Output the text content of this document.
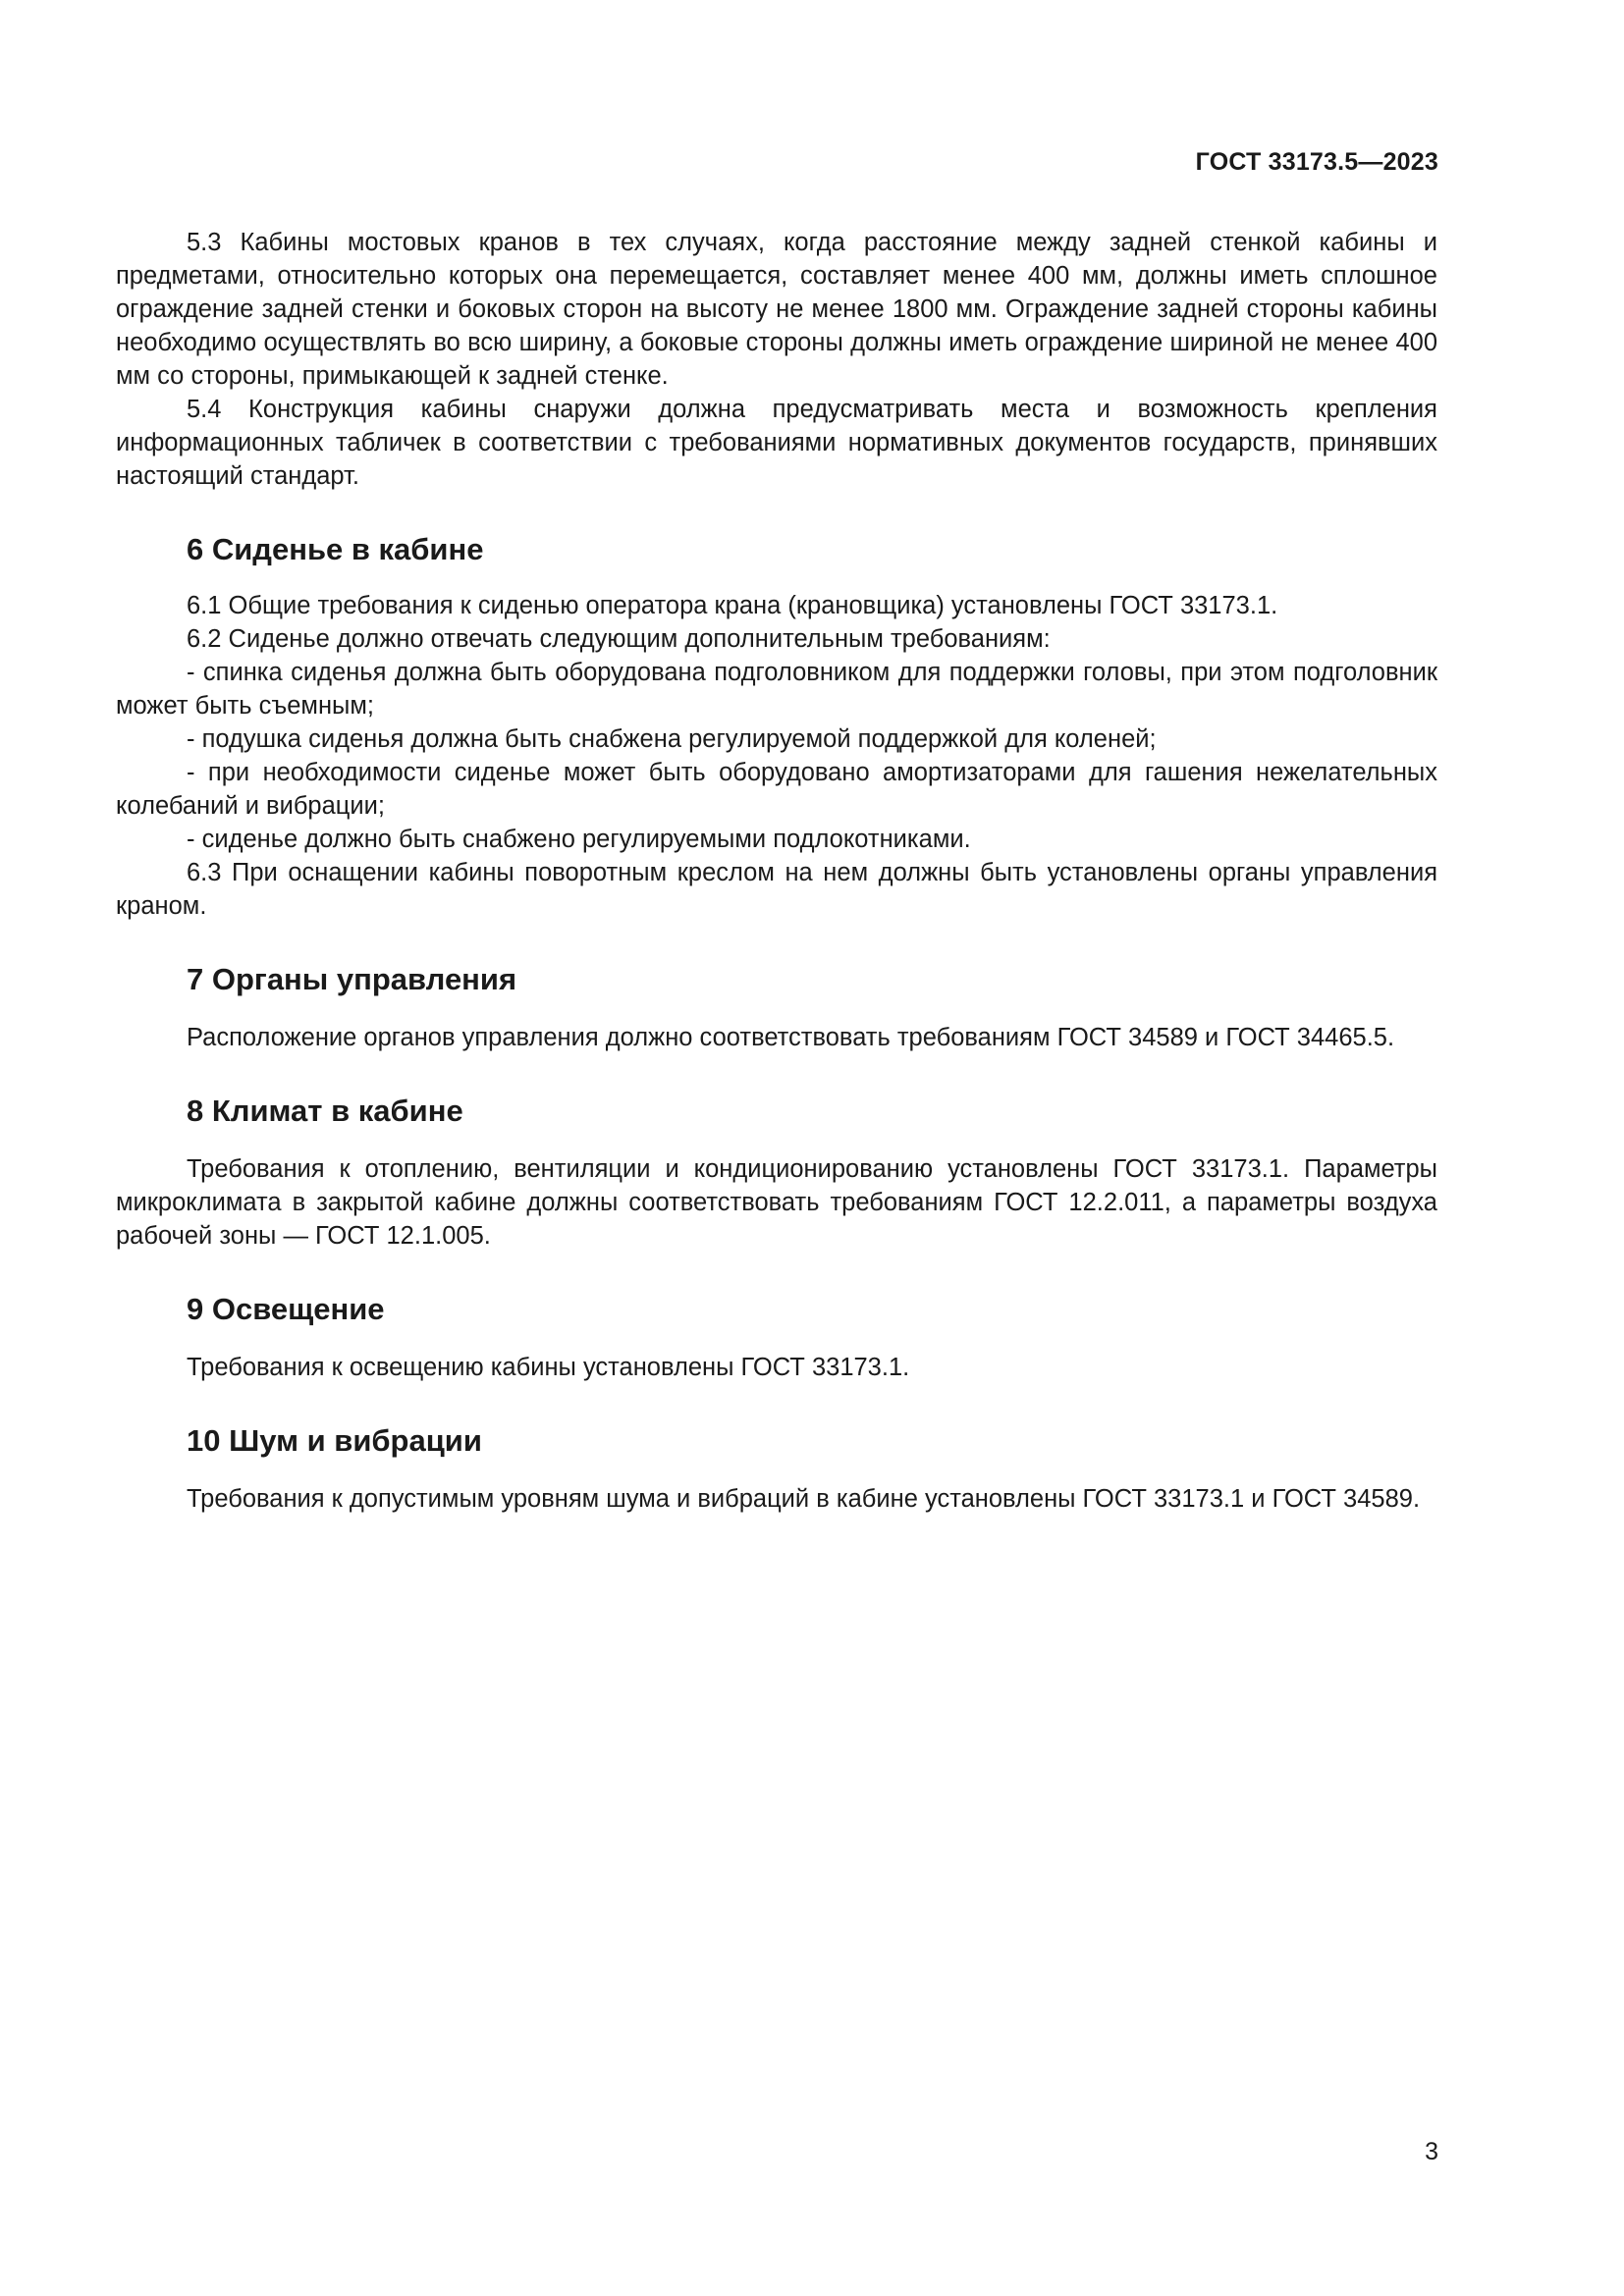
ГОСТ 33173.5—2023

5.3 Кабины мостовых кранов в тех случаях, когда расстояние между задней стенкой кабины и предметами, относительно которых она перемещается, составляет менее 400 мм, должны иметь сплошное ограждение задней стенки и боковых сторон на высоту не менее 1800 мм. Ограждение задней стороны кабины необходимо осуществлять во всю ширину, а боковые стороны должны иметь ограждение шириной не менее 400 мм со стороны, примыкающей к задней стенке.

5.4 Конструкция кабины снаружи должна предусматривать места и возможность крепления информационных табличек в соответствии с требованиями нормативных документов государств, принявших настоящий стандарт.

6 Сиденье в кабине

6.1 Общие требования к сиденью оператора крана (крановщика) установлены ГОСТ 33173.1.

6.2 Сиденье должно отвечать следующим дополнительным требованиям:

- спинка сиденья должна быть оборудована подголовником для поддержки головы, при этом подголовник может быть съемным;

- подушка сиденья должна быть снабжена регулируемой поддержкой для коленей;

- при необходимости сиденье может быть оборудовано амортизаторами для гашения нежелательных колебаний и вибрации;

- сиденье должно быть снабжено регулируемыми подлокотниками.

6.3 При оснащении кабины поворотным креслом на нем должны быть установлены органы управления краном.

7 Органы управления

Расположение органов управления должно соответствовать требованиям ГОСТ 34589 и ГОСТ 34465.5.

8 Климат в кабине

Требования к отоплению, вентиляции и кондиционированию установлены ГОСТ 33173.1. Параметры микроклимата в закрытой кабине должны соответствовать требованиям ГОСТ 12.2.011, а параметры воздуха рабочей зоны — ГОСТ 12.1.005.

9 Освещение

Требования к освещению кабины установлены ГОСТ 33173.1.

10 Шум и вибрации

Требования к допустимым уровням шума и вибраций в кабине установлены ГОСТ 33173.1 и ГОСТ 34589.

3
